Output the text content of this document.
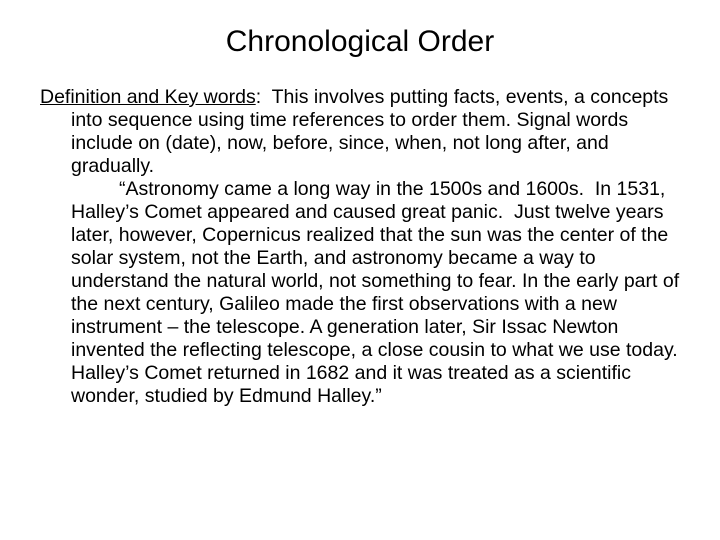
Chronological Order

Definition and Key words:  This involves putting facts, events, a concepts into sequence using time references to order them. Signal words include on (date), now, before, since, when, not long after, and gradually.

“Astronomy came a long way in the 1500s and 1600s.  In 1531, Halley’s Comet appeared and caused great panic.  Just twelve years later, however, Copernicus realized that the sun was the center of the solar system, not the Earth, and astronomy became a way to understand the natural world, not something to fear. In the early part of the next century, Galileo made the first observations with a new instrument – the telescope. A generation later, Sir Issac Newton invented the reflecting telescope, a close cousin to what we use today. Halley’s Comet returned in 1682 and it was treated as a scientific wonder, studied by Edmund Halley.”
